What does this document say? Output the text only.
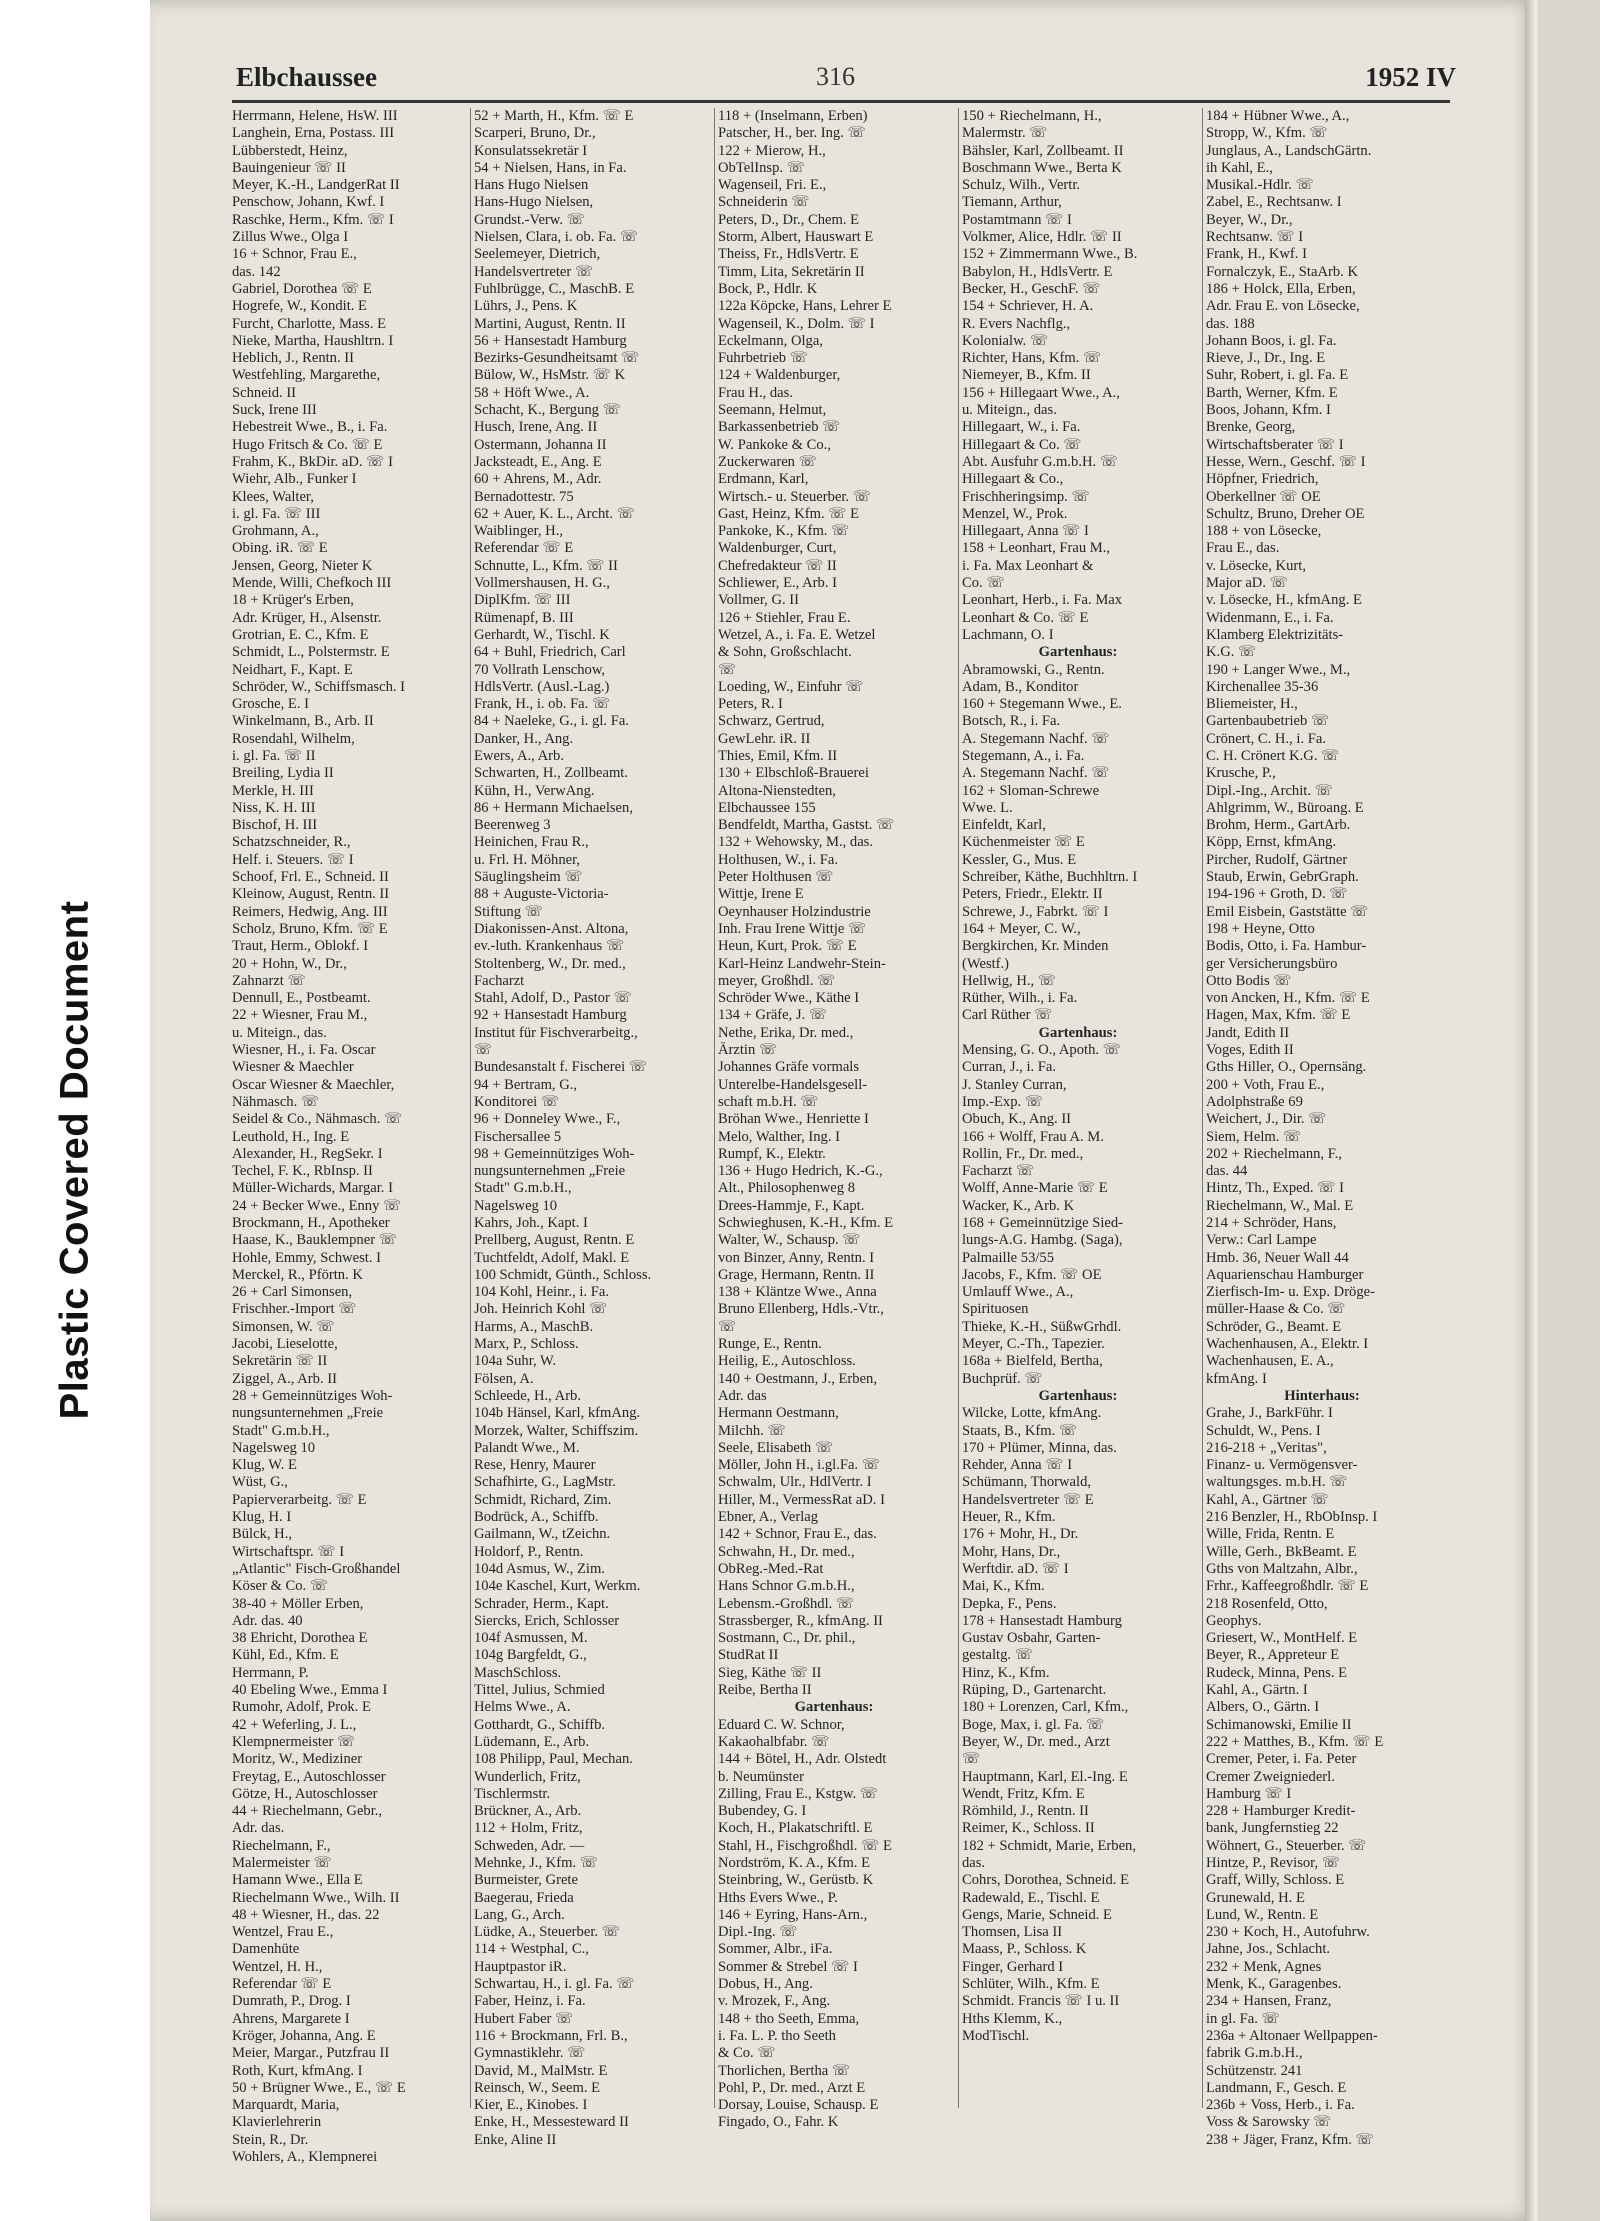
Plastic Covered Document
Elbchaussee	316	1952 IV
Herrmann, Helene, HsW. III
Langhein, Erna, Postass. III
Lübberstedt, Heinz,
Bauingenieur ☏ II
Meyer, K.-H., LandgerRat II
Penschow, Johann, Kwf. I
Raschke, Herm., Kfm. ☏ I
Zillus Wwe., Olga I
16 + Schnor, Frau E.,
das. 142
Gabriel, Dorothea ☏ E
Hogrefe, W., Kondit. E
Furcht, Charlotte, Mass. E
Nieke, Martha, Haushltrn. I
Heblich, J., Rentn. II
Westfehling, Margarethe,
Schneid. II
Suck, Irene III
Hebestreit Wwe., B., i. Fa.
Hugo Fritsch & Co. ☏ E
Frahm, K., BkDir. aD. ☏ I
Wiehr, Alb., Funker I
Klees, Walter,
i. gl. Fa. ☏ III
Grohmann, A.,
Obing. iR. ☏ E
Jensen, Georg, Nieter K
Mende, Willi, Chefkoch III
18 + Krüger's Erben,
Adr. Krüger, H., Alsenstr.
Grotrian, E. C., Kfm. E
Schmidt, L., Polstermstr. E
Neidhart, F., Kapt. E
Schröder, W., Schiffsmasch. I
Grosche, E. I
Winkelmann, B., Arb. II
Rosendahl, Wilhelm,
i. gl. Fa. ☏ II
Breiling, Lydia II
Merkle, H. III
Niss, K. H. III
Bischof, H. III
Schatzschneider, R.,
Helf. i. Steuers. ☏ I
Schoof, Frl. E., Schneid. II
Kleinow, August, Rentn. II
Reimers, Hedwig, Ang. III
Scholz, Bruno, Kfm. ☏ E
Traut, Herm., Oblokf. I
20 + Hohn, W., Dr.,
Zahnarzt ☏
Dennull, E., Postbeamt.
22 + Wiesner, Frau M.,
u. Miteign., das.
Wiesner, H., i. Fa. Oscar
Wiesner & Maechler
Oscar Wiesner & Maechler,
Nähmasch. ☏
Seidel & Co., Nähmasch. ☏
Leuthold, H., Ing. E
Alexander, H., RegSekr. I
Techel, F. K., RbInsp. II
Müller-Wichards, Margar. I
24 + Becker Wwe., Enny ☏
Brockmann, H., Apotheker
Haase, K., Bauklempner ☏
Hohle, Emmy, Schwest. I
Merckel, R., Pförtn. K
26 + Carl Simonsen,
Frischher.-Import ☏
Simonsen, W. ☏
Jacobi, Lieselotte,
Sekretärin ☏ II
Ziggel, A., Arb. II
28 + Gemeinnütziges Woh-
nungsunternehmen „Freie
Stadt" G.m.b.H.,
Nagelsweg 10
Klug, W. E
Wüst, G.,
Papierverarbeitg. ☏ E
Klug, H. I
Bülck, H.,
Wirtschaftspr. ☏ I
„Atlantic" Fisch-Großhandel
Köser & Co. ☏
38-40 + Möller Erben,
Adr. das. 40
38 Ehricht, Dorothea E
Kühl, Ed., Kfm. E
Herrmann, P.
40 Ebeling Wwe., Emma I
Rumohr, Adolf, Prok. E
42 + Weferling, J. L.,
Klempnermeister ☏
Moritz, W., Mediziner
Freytag, E., Autoschlosser
Götze, H., Autoschlosser
44 + Riechelmann, Gebr.,
Adr. das.
Riechelmann, F.,
Malermeister ☏
Hamann Wwe., Ella E
Riechelmann Wwe., Wilh. II
48 + Wiesner, H., das. 22
Wentzel, Frau E.,
Damenhüte
Wentzel, H. H.,
Referendar ☏ E
Dumrath, P., Drog. I
Ahrens, Margarete I
Kröger, Johanna, Ang. E
Meier, Margar., Putzfrau II
Roth, Kurt, kfmAng. I
50 + Brügner Wwe., E., ☏ E
Marquardt, Maria,
Klavierlehrerin
Stein, R., Dr.
Wohlers, A., Klempnerei
52 + Marth, H., Kfm. ☏ E
Scarperi, Bruno, Dr.,
Konsulatssekretär I
54 + Nielsen, Hans, in Fa.
Hans Hugo Nielsen
Hans-Hugo Nielsen,
Grundst.-Verw. ☏
Nielsen, Clara, i. ob. Fa. ☏
Seelemeyer, Dietrich,
Handelsvertreter ☏
Fuhlbrügge, C., MaschB. E
Lührs, J., Pens. K
Martini, August, Rentn. II
56 + Hansestadt Hamburg
Bezirks-Gesundheitsamt ☏
Bülow, W., HsMstr. ☏ K
58 + Höft Wwe., A.
Schacht, K., Bergung ☏
Husch, Irene, Ang. II
Ostermann, Johanna II
Jacksteadt, E., Ang. E
60 + Ahrens, M., Adr.
Bernadottestr. 75
62 + Auer, K. L., Archt. ☏
Waiblinger, H.,
Referendar ☏ E
Schnutte, L., Kfm. ☏ II
Vollmershausen, H. G.,
DiplKfm. ☏ III
Rümenapf, B. III
Gerhardt, W., Tischl. K
64 + Buhl, Friedrich, Carl
70 Vollrath Lenschow,
HdlsVertr. (Ausl.-Lag.)
Frank, H., i. ob. Fa. ☏
84 + Naeleke, G., i. gl. Fa.
Danker, H., Ang.
Ewers, A., Arb.
Schwarten, H., Zollbeamt.
Kühn, H., VerwAng.
86 + Hermann Michaelsen,
Beerenweg 3
Heinichen, Frau R.,
u. Frl. H. Möhner,
Säuglingsheim ☏
88 + Auguste-Victoria-
Stiftung ☏
Diakonissen-Anst. Altona,
ev.-luth. Krankenhaus ☏
Stoltenberg, W., Dr. med.,
Facharzt
Stahl, Adolf, D., Pastor ☏
92 + Hansestadt Hamburg
Institut für Fischverarbeitg.,
☏
Bundesanstalt f. Fischerei ☏
94 + Bertram, G.,
Konditorei ☏
96 + Donneley Wwe., F.,
Fischersallee 5
98 + Gemeinnütziges Woh-
nungsunternehmen „Freie
Stadt" G.m.b.H.,
Nagelsweg 10
Kahrs, Joh., Kapt. I
Prellberg, August, Rentn. E
Tuchtfeldt, Adolf, Makl. E
100 Schmidt, Günth., Schloss.
104 Kohl, Heinr., i. Fa.
Joh. Heinrich Kohl ☏
Harms, A., MaschB.
Marx, P., Schloss.
104a Suhr, W.
Fölsen, A.
Schleede, H., Arb.
104b Hänsel, Karl, kfmAng.
Morzek, Walter, Schiffszim.
Palandt Wwe., M.
Rese, Henry, Maurer
Schafhirte, G., LagMstr.
Schmidt, Richard, Zim.
Bodrück, A., Schiffb.
Gailmann, W., tZeichn.
Holdorf, P., Rentn.
104d Asmus, W., Zim.
104e Kaschel, Kurt, Werkm.
Schrader, Herm., Kapt.
Siercks, Erich, Schlosser
104f Asmussen, M.
104g Bargfeldt, G.,
MaschSchloss.
Tittel, Julius, Schmied
Helms Wwe., A.
Gotthardt, G., Schiffb.
Lüdemann, E., Arb.
108 Philipp, Paul, Mechan.
Wunderlich, Fritz,
Tischlermstr.
Brückner, A., Arb.
112 + Holm, Fritz,
Schweden, Adr. —
Mehnke, J., Kfm. ☏
Burmeister, Grete
Baegerau, Frieda
Lang, G., Arch.
Lüdke, A., Steuerber. ☏
114 + Westphal, C.,
Hauptpastor iR.
Schwartau, H., i. gl. Fa. ☏
Faber, Heinz, i. Fa.
Hubert Faber ☏
116 + Brockmann, Frl. B.,
Gymnastiklehr. ☏
David, M., MalMstr. E
Reinsch, W., Seem. E
Kier, E., Kinobes. I
Enke, H., Messesteward II
Enke, Aline II
118 + (Inselmann, Erben)
Patscher, H., ber. Ing. ☏
122 + Mierow, H.,
ObTelInsp. ☏
Wagenseil, Fri. E.,
Schneiderin ☏
Peters, D., Dr., Chem. E
Storm, Albert, Hauswart E
Theiss, Fr., HdlsVertr. E
Timm, Lita, Sekretärin II
Bock, P., Hdlr. K
122a Köpcke, Hans, Lehrer E
Wagenseil, K., Dolm. ☏ I
Eckelmann, Olga,
Fuhrbetrieb ☏
124 + Waldenburger,
Frau H., das.
Seemann, Helmut,
Barkassenbetrieb ☏
W. Pankoke & Co.,
Zuckerwaren ☏
Erdmann, Karl,
Wirtsch.- u. Steuerber. ☏
Gast, Heinz, Kfm. ☏ E
Pankoke, K., Kfm. ☏
Waldenburger, Curt,
Chefredakteur ☏ II
Schliewer, E., Arb. I
Vollmer, G. II
126 + Stiehler, Frau E.
Wetzel, A., i. Fa. E. Wetzel
& Sohn, Großschlacht.
☏
Loeding, W., Einfuhr ☏
Peters, R. I
Schwarz, Gertrud,
GewLehr. iR. II
Thies, Emil, Kfm. II
130 + Elbschloß-Brauerei
Altona-Nienstedten,
Elbchaussee 155
Bendfeldt, Martha, Gastst. ☏
132 + Wehowsky, M., das.
Holthusen, W., i. Fa.
Peter Holthusen ☏
Wittje, Irene E
Oeynhauser Holzindustrie
Inh. Frau Irene Wittje ☏
Heun, Kurt, Prok. ☏ E
Karl-Heinz Landwehr-Stein-
meyer, Großhdl. ☏
Schröder Wwe., Käthe I
134 + Gräfe, J. ☏
Nethe, Erika, Dr. med.,
Ärztin ☏
Johannes Gräfe vormals
Unterelbe-Handelsgesell-
schaft m.b.H. ☏
Bröhan Wwe., Henriette I
Melo, Walther, Ing. I
Rumpf, K., Elektr.
136 + Hugo Hedrich, K.-G.,
Alt., Philosophenweg 8
Drees-Hammje, F., Kapt.
Schwieghusen, K.-H., Kfm. E
Walter, W., Schausp. ☏
von Binzer, Anny, Rentn. I
Grage, Hermann, Rentn. II
138 + Kläntze Wwe., Anna
Bruno Ellenberg, Hdls.-Vtr.,
☏
Runge, E., Rentn.
Heilig, E., Autoschloss.
140 + Oestmann, J., Erben,
Adr. das
Hermann Oestmann,
Milchh. ☏
Seele, Elisabeth ☏
Möller, John H., i.gl.Fa. ☏
Schwalm, Ulr., HdlVertr. I
Hiller, M., VermessRat aD. I
Ebner, A., Verlag
142 + Schnor, Frau E., das.
Schwahn, H., Dr. med.,
ObReg.-Med.-Rat
Hans Schnor G.m.b.H.,
Lebensm.-Großhdl. ☏
Strassberger, R., kfmAng. II
Sostmann, C., Dr. phil.,
StudRat II
Sieg, Käthe ☏ II
Reibe, Bertha II
Gartenhaus:
Eduard C. W. Schnor,
Kakaohalbfabr. ☏
144 + Bötel, H., Adr. Olstedt
b. Neumünster
Zilling, Frau E., Kstgw. ☏
Bubendey, G. I
Koch, H., Plakatschriftl. E
Stahl, H., Fischgroßhdl. ☏ E
Nordström, K. A., Kfm. E
Steinbring, W., Gerüstb. K
Hths Evers Wwe., P.
146 + Eyring, Hans-Arn.,
Dipl.-Ing. ☏
Sommer, Albr., iFa.
Sommer & Strebel ☏ I
Dobus, H., Ang.
v. Mrozek, F., Ang.
148 + tho Seeth, Emma,
i. Fa. L. P. tho Seeth
& Co. ☏
Thorlichen, Bertha ☏
Pohl, P., Dr. med., Arzt E
Dorsay, Louise, Schausp. E
Fingado, O., Fahr. K
150 + Riechelmann, H.,
Malermstr. ☏
Bähsler, Karl, Zollbeamt. II
Boschmann Wwe., Berta K
Schulz, Wilh., Vertr.
Tiemann, Arthur,
Postamtmann ☏ I
Volkmer, Alice, Hdlr. ☏ II
152 + Zimmermann Wwe., B.
Babylon, H., HdlsVertr. E
Becker, H., GeschF. ☏
154 + Schriever, H. A.
R. Evers Nachflg.,
Kolonialw. ☏
Richter, Hans, Kfm. ☏
Niemeyer, B., Kfm. II
156 + Hillegaart Wwe., A.,
u. Miteign., das.
Hillegaart, W., i. Fa.
Hillegaart & Co. ☏
Abt. Ausfuhr G.m.b.H. ☏
Hillegaart & Co.,
Frischheringsimp. ☏
Menzel, W., Prok.
Hillegaart, Anna ☏ I
158 + Leonhart, Frau M.,
i. Fa. Max Leonhart &
Co. ☏
Leonhart, Herb., i. Fa. Max
Leonhart & Co. ☏ E
Lachmann, O. I
Gartenhaus:
Abramowski, G., Rentn.
Adam, B., Konditor
160 + Stegemann Wwe., E.
Botsch, R., i. Fa.
A. Stegemann Nachf. ☏
Stegemann, A., i. Fa.
A. Stegemann Nachf. ☏
162 + Sloman-Schrewe
Wwe. L.
Einfeldt, Karl,
Küchenmeister ☏ E
Kessler, G., Mus. E
Schreiber, Käthe, Buchhltrn. I
Peters, Friedr., Elektr. II
Schrewe, J., Fabrkt. ☏ I
164 + Meyer, C. W.,
Bergkirchen, Kr. Minden
(Westf.)
Hellwig, H., ☏
Rüther, Wilh., i. Fa.
Carl Rüther ☏
Gartenhaus:
Mensing, G. O., Apoth. ☏
Curran, J., i. Fa.
J. Stanley Curran,
Imp.-Exp. ☏
Obuch, K., Ang. II
166 + Wolff, Frau A. M.
Rollin, Fr., Dr. med.,
Facharzt ☏
Wolff, Anne-Marie ☏ E
Wacker, K., Arb. K
168 + Gemeinnützige Sied-
lungs-A.G. Hambg. (Saga),
Palmaille 53/55
Jacobs, F., Kfm. ☏ OE
Umlauff Wwe., A.,
Spirituosen
Thieke, K.-H., SüßwGrhdl.
Meyer, C.-Th., Tapezier.
168a + Bielfeld, Bertha,
Buchprüf. ☏
Gartenhaus:
Wilcke, Lotte, kfmAng.
Staats, B., Kfm. ☏
170 + Plümer, Minna, das.
Rehder, Anna ☏ I
Schümann, Thorwald,
Handelsvertreter ☏ E
Heuer, R., Kfm.
176 + Mohr, H., Dr.
Mohr, Hans, Dr.,
Werftdir. aD. ☏ I
Mai, K., Kfm.
Depka, F., Pens.
178 + Hansestadt Hamburg
Gustav Osbahr, Garten-
gestaltg. ☏
Hinz, K., Kfm.
Rüping, D., Gartenarcht.
180 + Lorenzen, Carl, Kfm.,
Boge, Max, i. gl. Fa. ☏
Beyer, W., Dr. med., Arzt
☏
Hauptmann, Karl, El.-Ing. E
Wendt, Fritz, Kfm. E
Römhild, J., Rentn. II
Reimer, K., Schloss. II
182 + Schmidt, Marie, Erben,
das.
Cohrs, Dorothea, Schneid. E
Radewald, E., Tischl. E
Gengs, Marie, Schneid. E
Thomsen, Lisa II
Maass, P., Schloss. K
Finger, Gerhard I
Schlüter, Wilh., Kfm. E
Schmidt. Francis ☏ I u. II
Hths Klemm, K.,
ModTischl.
184 + Hübner Wwe., A.,
Stropp, W., Kfm. ☏
Junglaus, A., LandschGärtn.
ih Kahl, E.,
Musikal.-Hdlr. ☏
Zabel, E., Rechtsanw. I
Beyer, W., Dr.,
Rechtsanw. ☏ I
Frank, H., Kwf. I
Fornalczyk, E., StaArb. K
186 + Holck, Ella, Erben,
Adr. Frau E. von Lösecke,
das. 188
Johann Boos, i. gl. Fa.
Rieve, J., Dr., Ing. E
Suhr, Robert, i. gl. Fa. E
Barth, Werner, Kfm. E
Boos, Johann, Kfm. I
Brenke, Georg,
Wirtschaftsberater ☏ I
Hesse, Wern., Geschf. ☏ I
Höpfner, Friedrich,
Oberkellner ☏ OE
Schultz, Bruno, Dreher OE
188 + von Lösecke,
Frau E., das.
v. Lösecke, Kurt,
Major aD. ☏
v. Lösecke, H., kfmAng. E
Widenmann, E., i. Fa.
Klamberg Elektrizitäts-
K.G. ☏
190 + Langer Wwe., M.,
Kirchenallee 35-36
Bliemeister, H.,
Gartenbaubetrieb ☏
Crönert, C. H., i. Fa.
C. H. Crönert K.G. ☏
Krusche, P.,
Dipl.-Ing., Archit. ☏
Ahlgrimm, W., Büroang. E
Brohm, Herm., GartArb.
Köpp, Ernst, kfmAng.
Pircher, Rudolf, Gärtner
Staub, Erwin, GebrGraph.
194-196 + Groth, D. ☏
Emil Eisbein, Gaststätte ☏
198 + Heyne, Otto
Bodis, Otto, i. Fa. Hambur-
ger Versicherungsbüro
Otto Bodis ☏
von Ancken, H., Kfm. ☏ E
Hagen, Max, Kfm. ☏ E
Jandt, Edith II
Voges, Edith II
Gths Hiller, O., Opernsäng.
200 + Voth, Frau E.,
Adolphstraße 69
Weichert, J., Dir. ☏
Siem, Helm. ☏
202 + Riechelmann, F.,
das. 44
Hintz, Th., Exped. ☏ I
Riechelmann, W., Mal. E
214 + Schröder, Hans,
Verw.: Carl Lampe
Hmb. 36, Neuer Wall 44
Aquarienschau Hamburger
Zierfisch-Im- u. Exp. Dröge-
müller-Haase & Co. ☏
Schröder, G., Beamt. E
Wachenhausen, A., Elektr. I
Wachenhausen, E. A.,
kfmAng. I
Hinterhaus:
Grahe, J., BarkFühr. I
Schuldt, W., Pens. I
216-218 + „Veritas",
Finanz- u. Vermögensver-
waltungsges. m.b.H. ☏
Kahl, A., Gärtner ☏
216 Benzler, H., RbObInsp. I
Wille, Frida, Rentn. E
Wille, Gerh., BkBeamt. E
Gths von Maltzahn, Albr.,
Frhr., Kaffeegroßhdlr. ☏ E
218 Rosenfeld, Otto,
Geophys.
Griesert, W., MontHelf. E
Beyer, R., Appreteur E
Rudeck, Minna, Pens. E
Kahl, A., Gärtn. I
Albers, O., Gärtn. I
Schimanowski, Emilie II
222 + Matthes, B., Kfm. ☏ E
Cremer, Peter, i. Fa. Peter
Cremer Zweigniederl.
Hamburg ☏ I
228 + Hamburger Kredit-
bank, Jungfernstieg 22
Wöhnert, G., Steuerber. ☏
Hintze, P., Revisor, ☏
Graff, Willy, Schloss. E
Grunewald, H. E
Lund, W., Rentn. E
230 + Koch, H., Autofuhrw.
Jahne, Jos., Schlacht.
232 + Menk, Agnes
Menk, K., Garagenbes.
234 + Hansen, Franz,
in gl. Fa. ☏
236a + Altonaer Wellpappen-
fabrik G.m.b.H.,
Schützenstr. 241
Landmann, F., Gesch. E
236b + Voss, Herb., i. Fa.
Voss & Sarowsky ☏
238 + Jäger, Franz, Kfm. ☏
